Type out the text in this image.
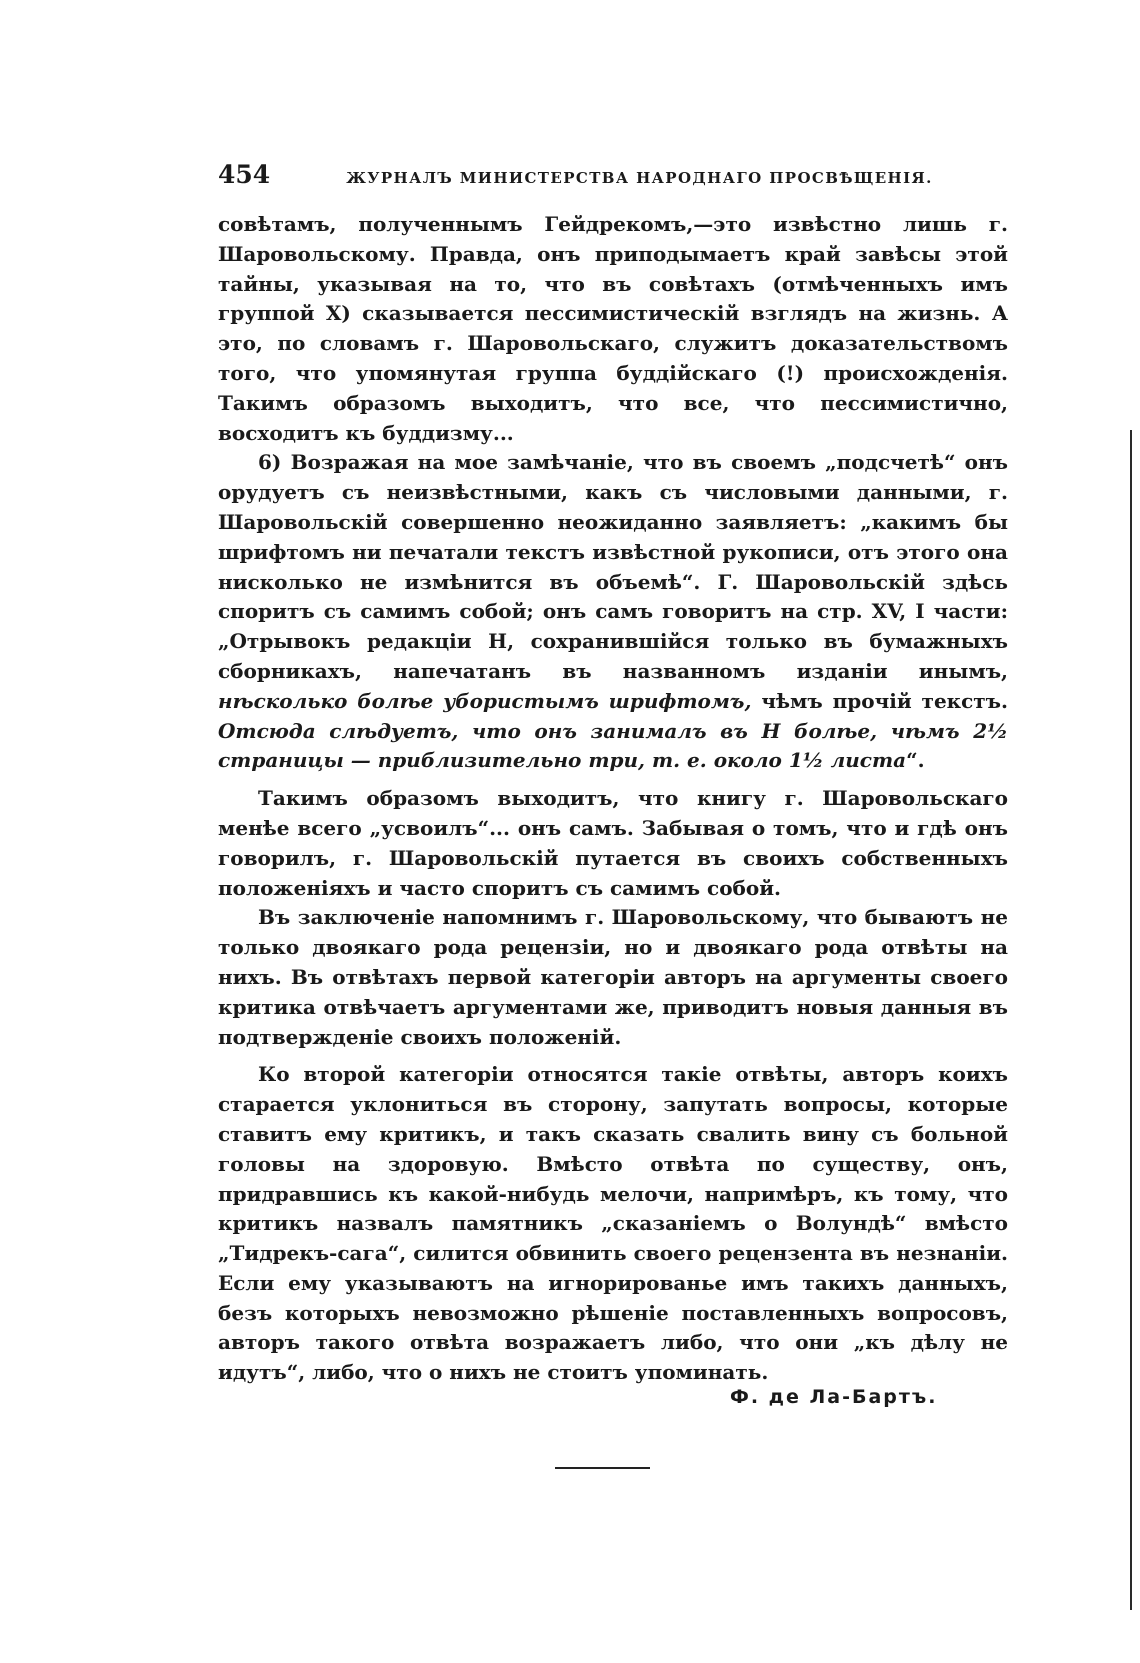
454	ЖУРНАЛЪ МИНИСТЕРСТВА НАРОДНАГО ПРОСВѢЩЕНІЯ.

совѣтамъ, полученнымъ Гейдрекомъ,—это извѣстно лишь г. Шаровольскому. Правда, онъ приподымаетъ край завѣсы этой тайны, указывая на то, что въ совѣтахъ (отмѣченныхъ имъ группой X) сказывается пессимистическій взглядъ на жизнь. А это, по словамъ г. Шаровольскаго, служитъ доказательствомъ того, что упомянутая группа буддійскаго (!) происхожденія. Такимъ образомъ выходитъ, что все, что пессимистично, восходитъ къ буддизму...

6) Возражая на мое замѣчаніе, что въ своемъ „подсчетѣ“ онъ орудуетъ съ неизвѣстными, какъ съ числовыми данными, г. Шаровольскій совершенно неожиданно заявляетъ: „какимъ бы шрифтомъ ни печатали текстъ извѣстной рукописи, отъ этого она нисколько не измѣнится въ объемѣ“. Г. Шаровольскій здѣсь споритъ съ самимъ собой; онъ самъ говоритъ на стр. XV, I части: „Отрывокъ редакціи H, сохранившійся только въ бумажныхъ сборникахъ, напечатанъ въ названномъ изданіи инымъ, нѣсколько болѣе убористымъ шрифтомъ, чѣмъ прочій текстъ. Отсюда слѣдуетъ, что онъ занималъ въ H болѣе, чѣмъ 2½ страницы — приблизительно три, т. е. около 1½ листа“.

Такимъ образомъ выходитъ, что книгу г. Шаровольскаго менѣе всего „усвоилъ“... онъ самъ. Забывая о томъ, что и гдѣ онъ говорилъ, г. Шаровольскій путается въ своихъ собственныхъ положеніяхъ и часто споритъ съ самимъ собой.

Въ заключеніе напомнимъ г. Шаровольскому, что бываютъ не только двоякаго рода рецензіи, но и двоякаго рода отвѣты на нихъ. Въ отвѣтахъ первой категоріи авторъ на аргументы своего критика отвѣчаетъ аргументами же, приводитъ новыя данныя въ подтвержденіе своихъ положеній.

Ко второй категоріи относятся такіе отвѣты, авторъ коихъ старается уклониться въ сторону, запутать вопросы, которые ставитъ ему критикъ, и такъ сказать свалить вину съ больной головы на здоровую. Вмѣсто отвѣта по существу, онъ, придравшись къ какой-нибудь мелочи, напримѣръ, къ тому, что критикъ назвалъ памятникъ „сказаніемъ о Волундѣ“ вмѣсто „Тидрекъ-сага“, силится обвинить своего рецензента въ незнаніи. Если ему указываютъ на игнорированье имъ такихъ данныхъ, безъ которыхъ невозможно рѣшеніе поставленныхъ вопросовъ, авторъ такого отвѣта возражаетъ либо, что они „къ дѣлу не идутъ“, либо, что о нихъ не стоитъ упоминать.

Ф. де Ла-Бартъ.
